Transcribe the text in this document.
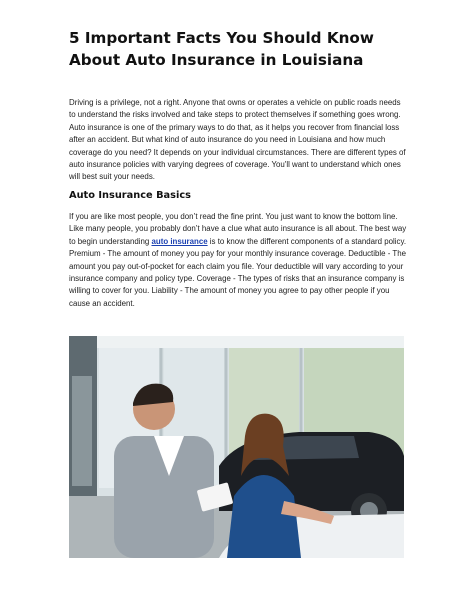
5 Important Facts You Should Know About Auto Insurance in Louisiana
Driving is a privilege, not a right. Anyone that owns or operates a vehicle on public roads needs to understand the risks involved and take steps to protect themselves if something goes wrong. Auto insurance is one of the primary ways to do that, as it helps you recover from financial loss after an accident. But what kind of auto insurance do you need in Louisiana and how much coverage do you need? It depends on your individual circumstances. There are different types of auto insurance policies with varying degrees of coverage. You'll want to understand which ones will best suit your needs.
Auto Insurance Basics
If you are like most people, you don’t read the fine print. You just want to know the bottom line. Like many people, you probably don’t have a clue what auto insurance is all about. The best way to begin understanding auto insurance is to know the different components of a standard policy. Premium - The amount of money you pay for your monthly insurance coverage. Deductible - The amount you pay out-of-pocket for each claim you file. Your deductible will vary according to your insurance company and policy type. Coverage - The types of risks that an insurance company is willing to cover for you. Liability - The amount of money you agree to pay other people if you cause an accident.
